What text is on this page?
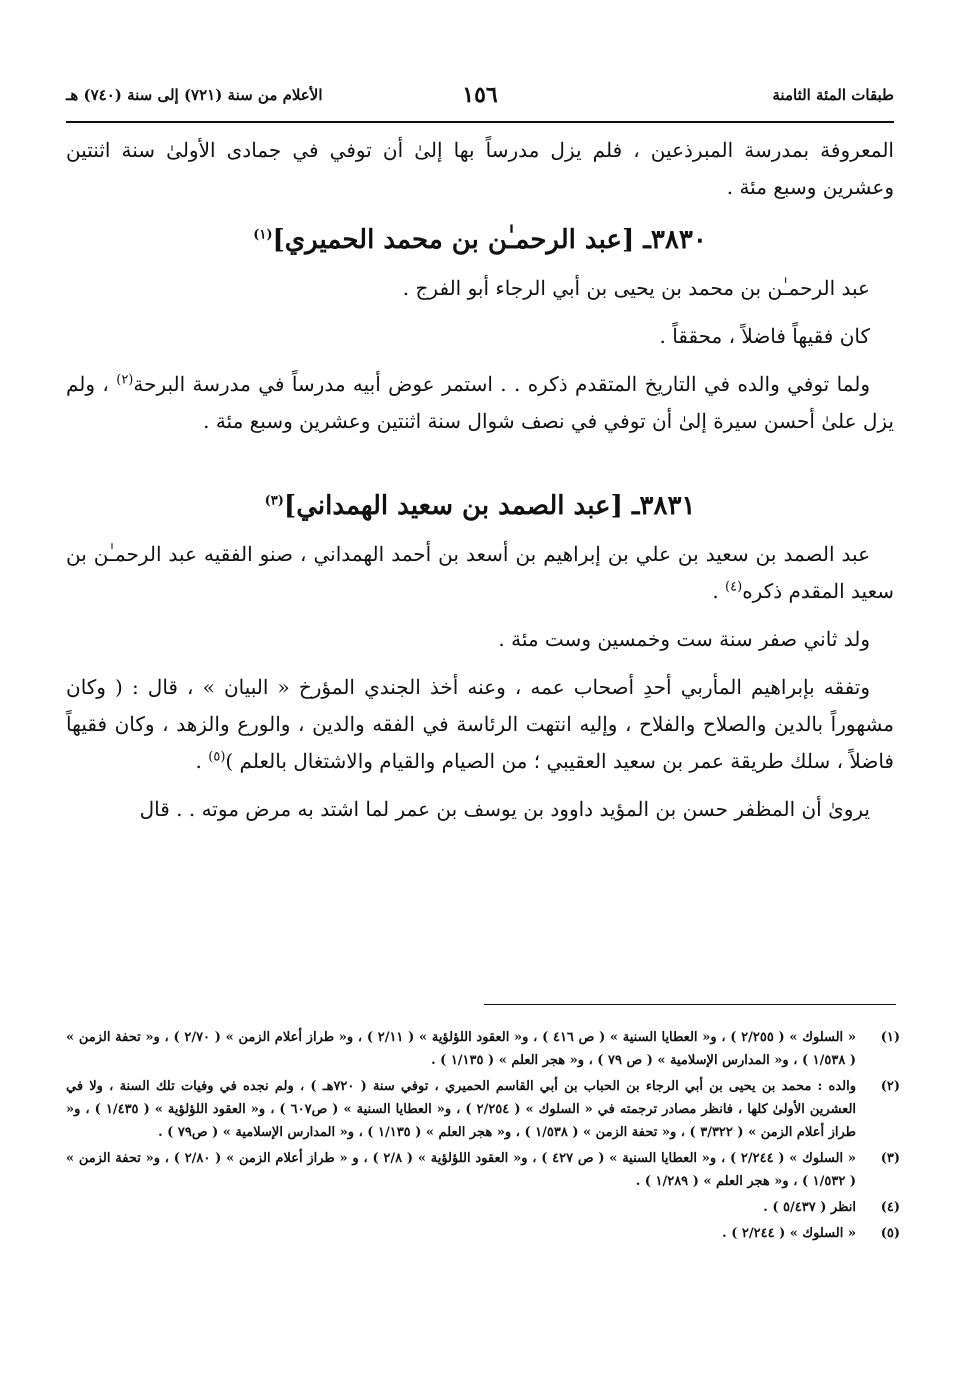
طبقات المئة الثامنة
١٥٦
الأعلام من سنة (٧٢١) إلى سنة (٧٤٠) هـ

المعروفة بمدرسة المبرذعين ، فلم يزل مدرساً بها إلىٰ أن توفي في جمادى الأولىٰ سنة اثنتين وعشرين وسبع مئة .

٣٨٣٠ـ [عبد الرحمـٰن بن محمد الحميري]$^{(١)}$

عبد الرحمـٰن بن محمد بن يحيى بن أبي الرجاء أبو الفرج .

كان فقيهاً فاضلاً ، محققاً .

ولما توفي والده في التاريخ المتقدم ذكره . . استمر عوض أبيه مدرساً في مدرسة البرحة$^{(٢)}$ ، ولم يزل علىٰ أحسن سيرة إلىٰ أن توفي في نصف شوال سنة اثنتين وعشرين وسبع مئة .

٣٨٣١ـ [عبد الصمد بن سعيد الهمداني]$^{(٣)}$

عبد الصمد بن سعيد بن علي بن إبراهيم بن أسعد بن أحمد الهمداني ، صنو الفقيه عبد الرحمـٰن بن سعيد المقدم ذكره$^{(٤)}$ .

ولد ثاني صفر سنة ست وخمسين وست مئة .

وتفقه بإبراهيم المأربي أحدِ أصحاب عمه ، وعنه أخذ الجندي المؤرخ « البيان » ، قال : ( وكان مشهوراً بالدين والصلاح والفلاح ، وإليه انتهت الرئاسة في الفقه والدين ، والورع والزهد ، وكان فقيهاً فاضلاً ، سلك طريقة عمر بن سعيد العقيبي ؛ من الصيام والقيام والاشتغال بالعلم )$^{(٥)}$ .

يروىٰ أن المظفر حسن بن المؤيد داوود بن يوسف بن عمر لما اشتد به مرض موته . . قال

(١)
« السلوك » ( ٢/٢٥٥ ) ، و« العطايا السنية » ( ص ٤١٦ ) ، و« العقود اللؤلؤية » ( ٢/١١ ) ، و« طراز أعلام الزمن » ( ٢/٧٠ ) ، و« تحفة الزمن » ( ١/٥٣٨ ) ، و« المدارس الإسلامية » ( ص ٧٩ ) ، و« هجر العلم » ( ١/١٣٥ ) .
(٢)
والده : محمد بن يحيى بن أبي الرجاء بن الحباب بن أبي القاسم الحميري ، توفي سنة ( ٧٢٠هـ ) ، ولم نجده في وفيات تلك السنة ، ولا في العشرين الأولىٰ كلها ، فانظر مصادر ترجمته في « السلوك » ( ٢/٢٥٤ ) ، و« العطايا السنية » ( ص٦٠٧ ) ، و« العقود اللؤلؤية » ( ١/٤٣٥ ) ، و« طراز أعلام الزمن » ( ٣/٣٢٢ ) ، و« تحفة الزمن » ( ١/٥٣٨ ) ، و« هجر العلم » ( ١/١٣٥ ) ، و« المدارس الإسلامية » ( ص٧٩ ) .
(٣)
« السلوك » ( ٢/٢٤٤ ) ، و« العطايا السنية » ( ص ٤٢٧ ) ، و« العقود اللؤلؤية » ( ٢/٨ ) ، و « طراز أعلام الزمن » ( ٢/٨٠ ) ، و« تحفة الزمن » ( ١/٥٣٢ ) ، و« هجر العلم » ( ١/٢٨٩ ) .
(٤)
انظر ( ٥/٤٣٧ ) .
(٥)
« السلوك » ( ٢/٢٤٤ ) .
